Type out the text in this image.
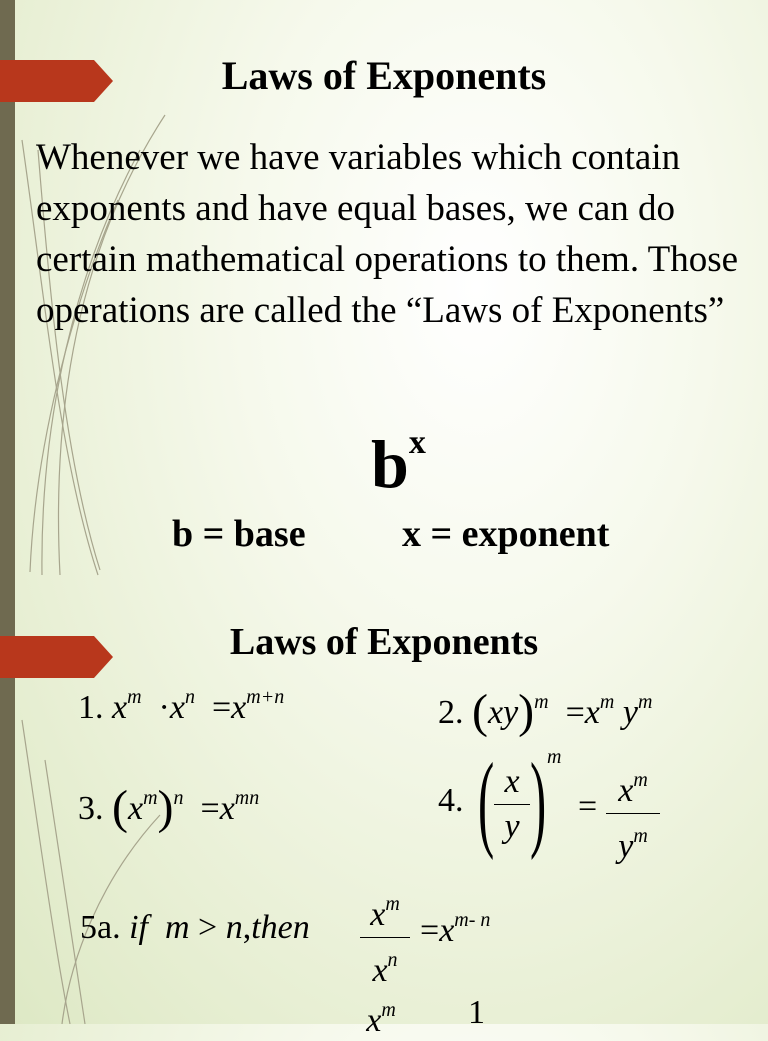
Laws of Exponents
Whenever we have variables which contain exponents and have equal bases, we can do certain mathematical operations to them. Those operations are called the “Laws of Exponents”
$b^x$
b = base	x = exponent
Laws of Exponents
1. $x^m \cdot x^n =x^{m+n}$	2. $(xy)^m =x^m$ $y^m$
3. $(x^m)^n =x^{mn}$	4. ( x
y ) m
= $x^m$
$y^m$
5a. if  m > n,then	$x^m$
$x^n$
$=x^{m- n}$
$x^m$	1
